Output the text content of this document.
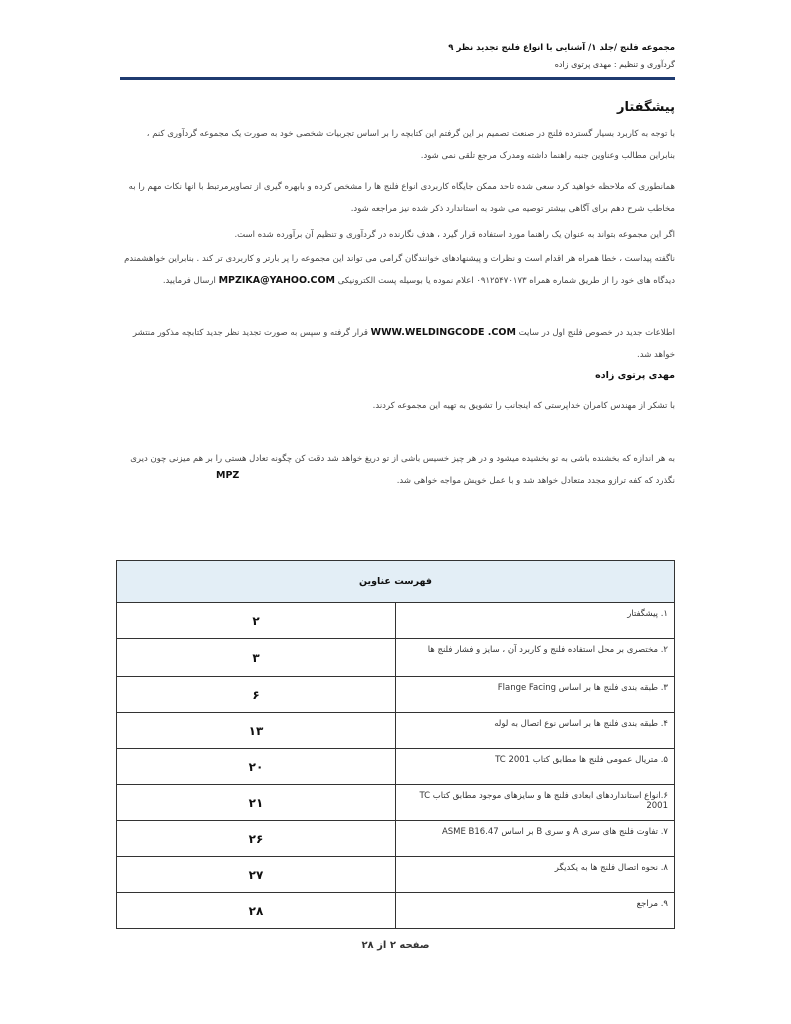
مجموعه فلنج /جلد ۱/ آشنایی با انواع فلنج تجدید نظر ۹
گردآوری و تنظیم : مهدی پرتوی زاده
پیشگفتار
با توجه به کاربرد بسیار گسترده فلنج در صنعت تصمیم بر این گرفتم این کتابچه را بر اساس تجربیات شخصی خود به صورت یک مجموعه گردآوری کنم ، بنابراین مطالب وعناوین جنبه راهنما داشته ومدرک مرجع تلقی نمی شود.
همانطوری که ملاحظه خواهید کرد سعی شده تاحد ممکن جایگاه کاربردی انواع فلنج ها را مشخص کرده و بابهره گیری از تصاویرمرتبط با انها نکات مهم را به مخاطب شرح دهم برای آگاهی بیشتر توصیه می شود به استاندارد ذکر شده نیز مراجعه شود.
اگر این مجموعه بتواند به عنوان یک راهنما مورد استفاده قرار گیرد ، هدف نگارنده در گردآوری و تنظیم آن برآورده شده است.
ناگفته پیداست ، خطا همراه هر اقدام است و نظرات و پیشنهادهای خوانندگان گرامی می تواند این مجموعه را پر بارتر و کاربردی تر کند . بنابراین خواهشمندم دیدگاه های خود را از طریق شماره همراه ۰۹۱۲۵۴۷۰۱۷۳ اعلام نموده یا بوسیله پست الکترونیکی MPZIKA@YAHOO.COM ارسال فرمایید.
اطلاعات جدید در خصوص فلنج اول در سایت WWW.WELDINGCODE .COM قرار گرفته و سپس به صورت تجدید نظر جدید کتابچه مذکور منتشر خواهد شد.
مهدی پرتوی زاده
با تشکر از مهندس کامران خداپرستی که اینجانب را تشویق به تهیه این مجموعه کردند.
به هر اندازه که بخشنده باشی به تو بخشیده میشود و در هر چیز خسیس باشی از تو دریغ خواهد شد دقت کن چگونه تعادل هستی را بر هم میزنی چون دیری نگذرد که کفه ترازو مجدد متعادل خواهد شد و با عمل خویش مواجه خواهی شد.
MPZ
فهرست عناوین	
۲	۱. پیشگفتار
۳	۲. مختصری بر محل استفاده فلنج و کاربرد آن ، سایز و فشار فلنج ها
۶	۳. طبقه بندی فلنج ها بر اساس Flange Facing
۱۳	۴. طبقه بندی فلنج ها بر اساس نوع اتصال به لوله
۲۰	۵. متریال عمومی فلنج ها مطابق کتاب TC 2001
۲۱	۶.انواع استانداردهای ابعادی فلنج ها و سایزهای موجود مطابق کتاب TC 2001
۲۶	۷. تفاوت فلنج های سری A و سری B بر اساس ASME B16.47
۲۷	۸. نحوه اتصال فلنج ها به یکدیگر
۲۸	۹. مراجع
صفحه ۲ از ۲۸
